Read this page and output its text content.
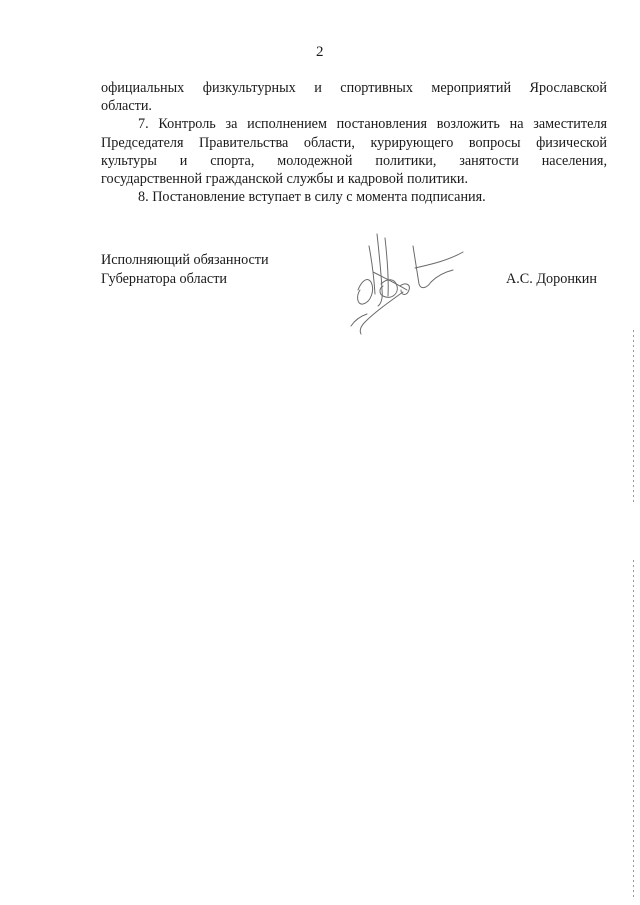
2

официальных физкультурных и спортивных мероприятий Ярославской
области.

7. Контроль за исполнением постановления возложить на заместителя
Председателя Правительства области, курирующего вопросы физической
культуры и спорта, молодежной политики, занятости населения,
государственной гражданской службы и кадровой политики.

8. Постановление вступает в силу с момента подписания.

Исполняющий обязанности
Губернатора области	А.С. Доронкин
